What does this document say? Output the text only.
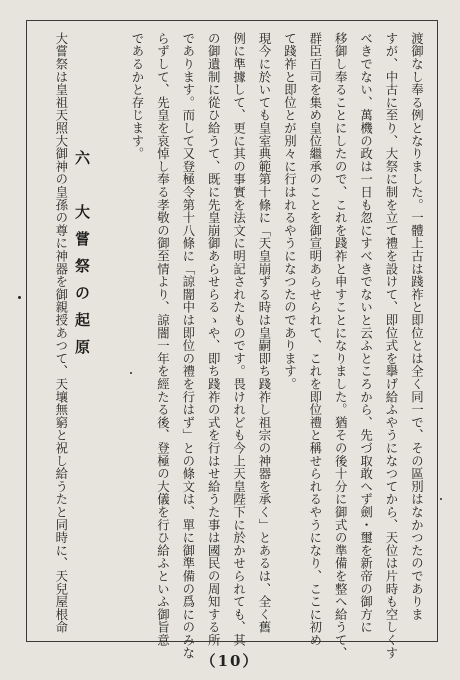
渡御なし奉る例となりました。一體上古は踐祚と即位とは全く同一で、その區別はなかつたのでありま
すが、中古に至り、大祭に制を立て禮を設けて、即位式を擧げ給ふやうになつてから、天位は片時も空しくす
べきでない、萬機の政は一日も忽にすべきでないと云ふところから、先づ取敢へず劍・璽を新帝の御方に
移御し奉ることにしたので、これを踐祚と申すことになりました。猶その後十分に御式の準備を整へ給うて、
群臣百司を集め皇位繼承のことを御宣明あらせられて、これを即位禮と稱せられるやうになり、ここに初め
て踐祚と即位とが別々に行はれるやうになつたのであります。
現今に於いても皇室典範第十條に「天皇崩ずる時は皇嗣即ち踐祚し祖宗の神器を承く」とあるは、全く舊
例に準據して、更に其の事實を法文に明記されたものです。畏けれども今上天皇陛下に於かせられても、其
の御遺制に從ひ給うて、既に先皇崩御あらせらるゝや、即ち踐祚の式を行はせ給うた事は國民の周知する所
であります。而して又登極令第十八條に「諒闇中は即位の禮を行はず」との條文は、單に御準備の爲にのみな
らずして、先皇を哀悼し奉る孝敬の御至情より、諒闇一年を經たる後、登極の大儀を行ひ給ふといふ御旨意
であるかと存じます。
大嘗祭は皇祖天照大御神の皇孫の尊に神器を御親授あつて、天壤無窮と祝し給うたと同時に、天兒屋根命 六　大嘗祭の起原
（10）
